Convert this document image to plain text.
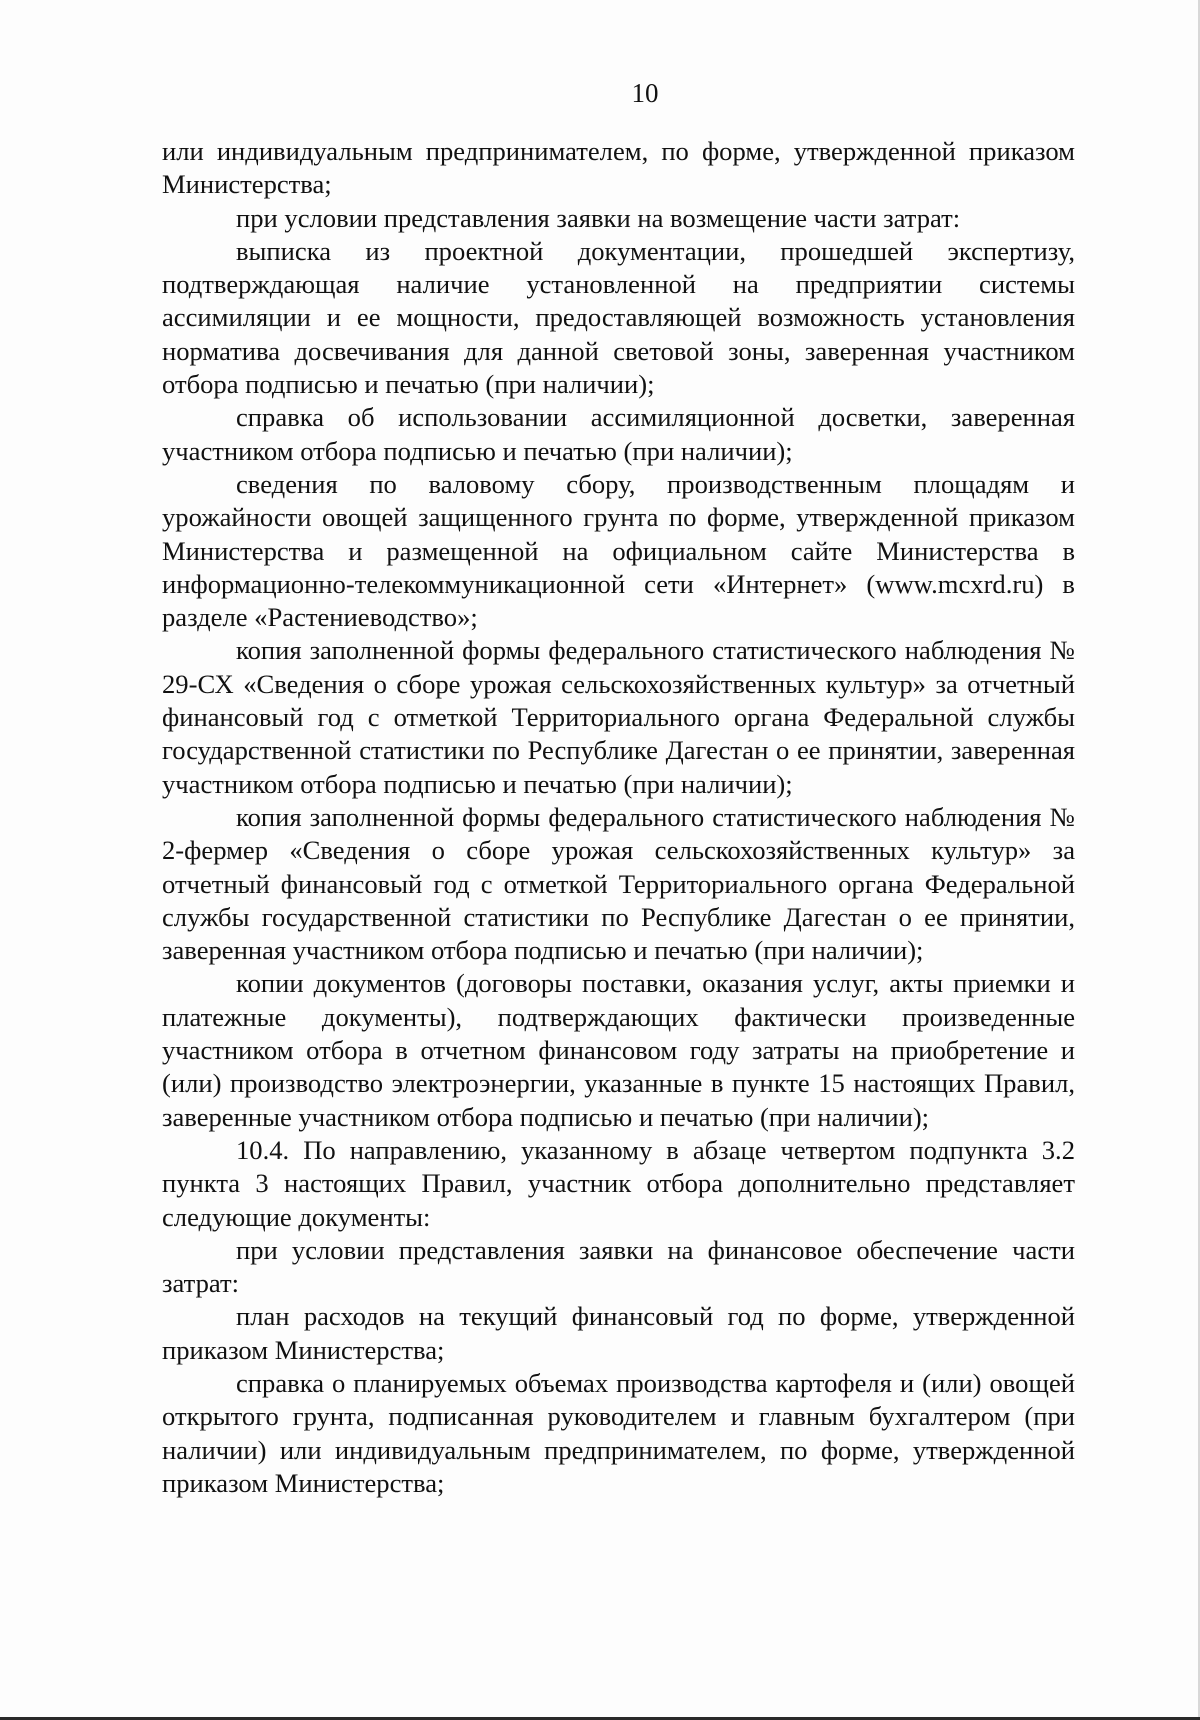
10

или индивидуальным предпринимателем, по форме, утвержденной приказом Министерства;

при условии представления заявки на возмещение части затрат:

выписка из проектной документации, прошедшей экспертизу, подтверждающая наличие установленной на предприятии системы ассимиляции и ее мощности, предоставляющей возможность установления норматива досвечивания для данной световой зоны, заверенная участником отбора подписью и печатью (при наличии);

справка об использовании ассимиляционной досветки, заверенная участником отбора подписью и печатью (при наличии);

сведения по валовому сбору, производственным площадям и урожайности овощей защищенного грунта по форме, утвержденной приказом Министерства и размещенной на официальном сайте Министерства в информационно-телекоммуникационной сети «Интернет» (www.mcxrd.ru) в разделе «Растениеводство»;

копия заполненной формы федерального статистического наблюдения № 29-СХ «Сведения о сборе урожая сельскохозяйственных культур» за отчетный финансовый год с отметкой Территориального органа Федеральной службы государственной статистики по Республике Дагестан о ее принятии, заверенная участником отбора подписью и печатью (при наличии);

копия заполненной формы федерального статистического наблюдения № 2-фермер «Сведения о сборе урожая сельскохозяйственных культур» за отчетный финансовый год с отметкой Территориального органа Федеральной службы государственной статистики по Республике Дагестан о ее принятии, заверенная участником отбора подписью и печатью (при наличии);

копии документов (договоры поставки, оказания услуг, акты приемки и платежные документы), подтверждающих фактически произведенные участником отбора в отчетном финансовом году затраты на приобретение и (или) производство электроэнергии, указанные в пункте 15 настоящих Правил, заверенные участником отбора подписью и печатью (при наличии);

10.4. По направлению, указанному в абзаце четвертом подпункта 3.2 пункта 3 настоящих Правил, участник отбора дополнительно представляет следующие документы:

при условии представления заявки на финансовое обеспечение части затрат:

план расходов на текущий финансовый год по форме, утвержденной приказом Министерства;

справка о планируемых объемах производства картофеля и (или) овощей открытого грунта, подписанная руководителем и главным бухгалтером (при наличии) или индивидуальным предпринимателем, по форме, утвержденной приказом Министерства;
